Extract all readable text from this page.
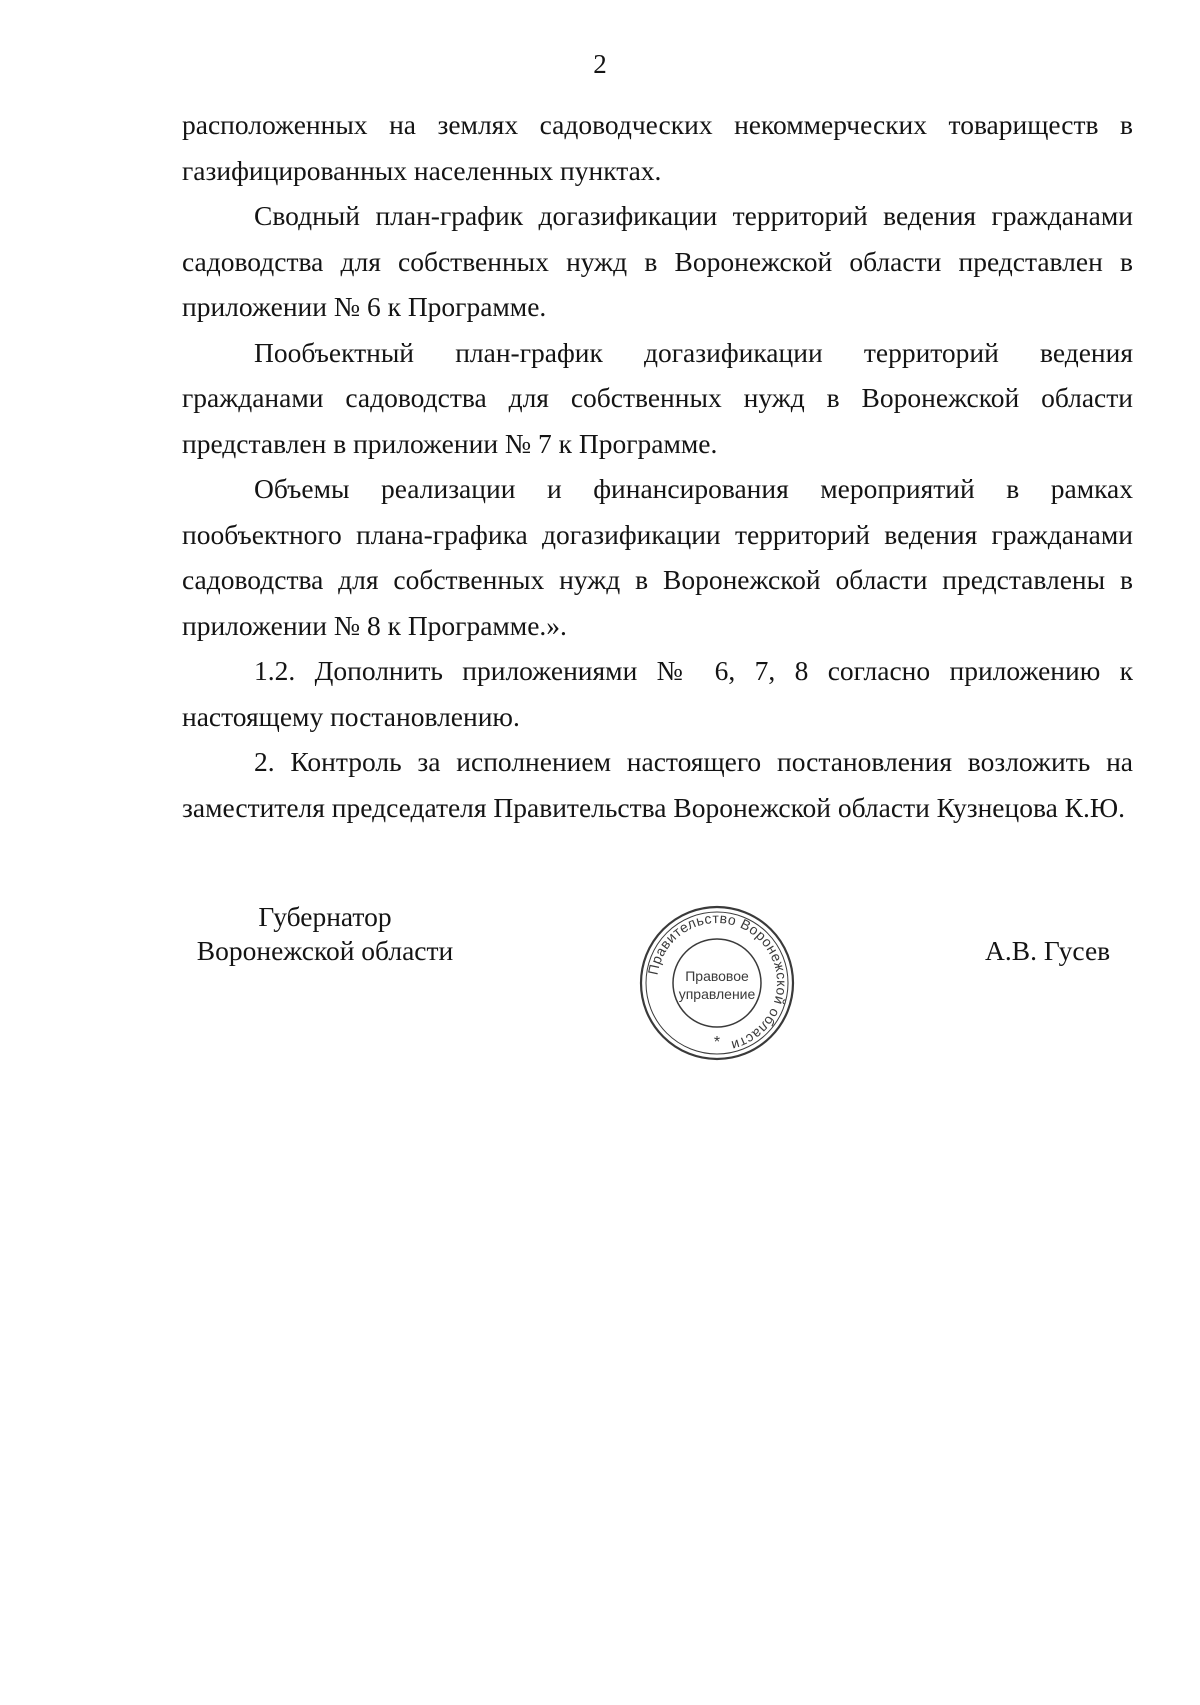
2

расположенных на землях садоводческих некоммерческих товариществ в газифицированных населенных пунктах.

Сводный план-график догазификации территорий ведения гражданами садоводства для собственных нужд в Воронежской области представлен в приложении № 6 к Программе.

Пообъектный план-график догазификации территорий ведения гражданами садоводства для собственных нужд в Воронежской области представлен в приложении № 7 к Программе.

Объемы реализации и финансирования мероприятий в рамках пообъектного плана-графика догазификации территорий ведения гражданами садоводства для собственных нужд в Воронежской области представлены в приложении № 8 к Программе.».

1.2. Дополнить приложениями № 6, 7, 8 согласно приложению к настоящему постановлению.

2. Контроль за исполнением настоящего постановления возложить на заместителя председателя Правительства Воронежской области Кузнецова К.Ю.

Губернатор
Воронежской области	А.В. Гусев
Правительство Воронежской области
Правовое
управление
*
